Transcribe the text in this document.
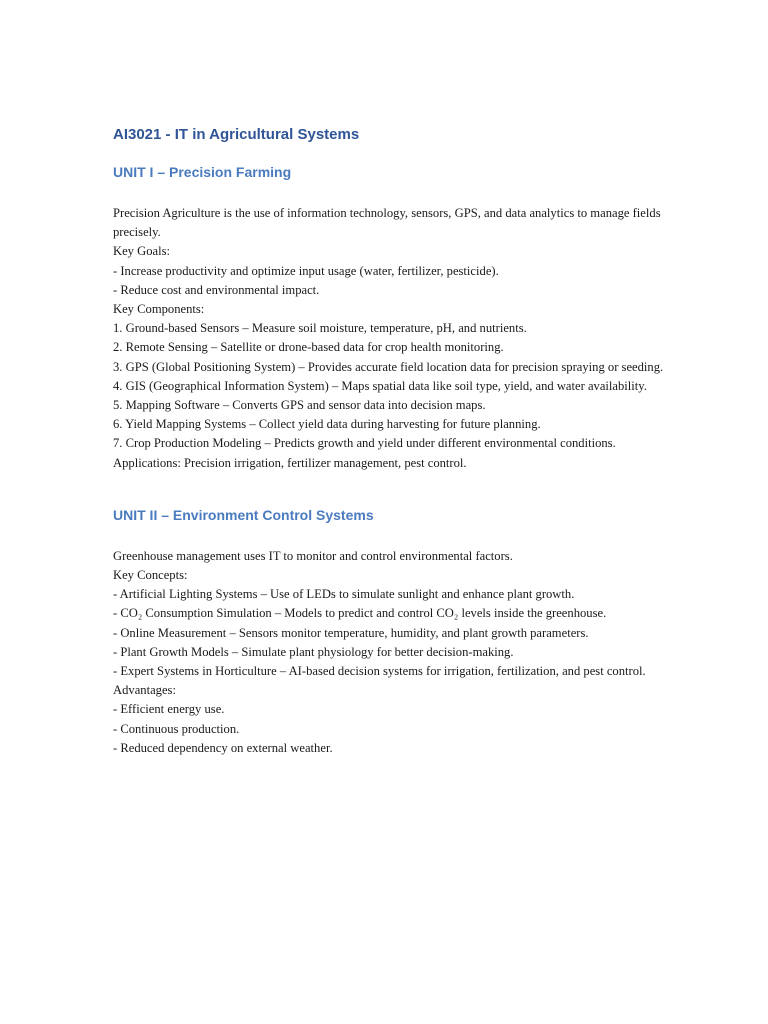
AI3021 - IT in Agricultural Systems
UNIT I – Precision Farming
Precision Agriculture is the use of information technology, sensors, GPS, and data analytics to manage fields precisely.
Key Goals:
- Increase productivity and optimize input usage (water, fertilizer, pesticide).
- Reduce cost and environmental impact.
Key Components:
1. Ground-based Sensors – Measure soil moisture, temperature, pH, and nutrients.
2. Remote Sensing – Satellite or drone-based data for crop health monitoring.
3. GPS (Global Positioning System) – Provides accurate field location data for precision spraying or seeding.
4. GIS (Geographical Information System) – Maps spatial data like soil type, yield, and water availability.
5. Mapping Software – Converts GPS and sensor data into decision maps.
6. Yield Mapping Systems – Collect yield data during harvesting for future planning.
7. Crop Production Modeling – Predicts growth and yield under different environmental conditions.
Applications: Precision irrigation, fertilizer management, pest control.
UNIT II – Environment Control Systems
Greenhouse management uses IT to monitor and control environmental factors.
Key Concepts:
- Artificial Lighting Systems – Use of LEDs to simulate sunlight and enhance plant growth.
- CO₂ Consumption Simulation – Models to predict and control CO₂ levels inside the greenhouse.
- Online Measurement – Sensors monitor temperature, humidity, and plant growth parameters.
- Plant Growth Models – Simulate plant physiology for better decision-making.
- Expert Systems in Horticulture – AI-based decision systems for irrigation, fertilization, and pest control.
Advantages:
- Efficient energy use.
- Continuous production.
- Reduced dependency on external weather.
